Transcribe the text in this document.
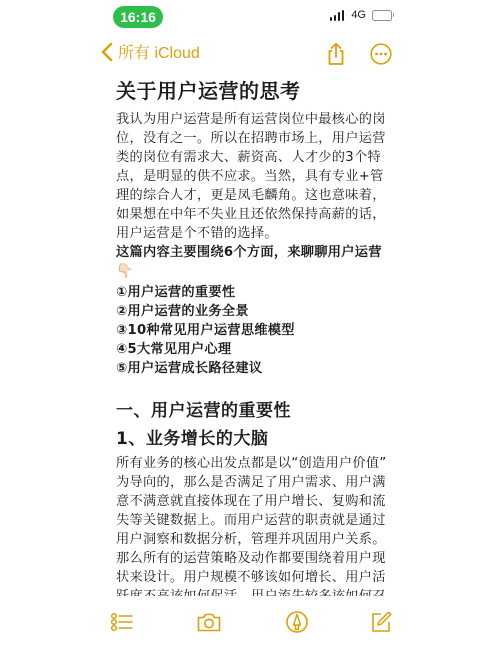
16:16	4G
所有 iCloud
关于用户运营的思考

我认为用户运营是所有运营岗位中最核心的岗

位，没有之一。所以在招聘市场上，用户运营

类的岗位有需求大、薪资高、人才少的3个特

点，是明显的供不应求。当然，具有专业+管

理的综合人才，更是凤毛麟角。这也意味着，

如果想在中年不失业且还依然保持高薪的话，

用户运营是个不错的选择。

这篇内容主要围绕6个方面，来聊聊用户运营

👇🏻
①用户运营的重要性
②用户运营的业务全景
③10种常见用户运营思维模型
④5大常见用户心理
⑤用户运营成长路径建议
一、用户运营的重要性
1、业务增长的大脑

所有业务的核心出发点都是以“创造用户价值”

为导向的，那么是否满足了用户需求、用户满

意不满意就直接体现在了用户增长、复购和流

失等关键数据上。而用户运营的职责就是通过

用户洞察和数据分析，管理并巩固用户关系。

那么所有的运营策略及动作都要围绕着用户现

状来设计。用户规模不够该如何增长、用户活
